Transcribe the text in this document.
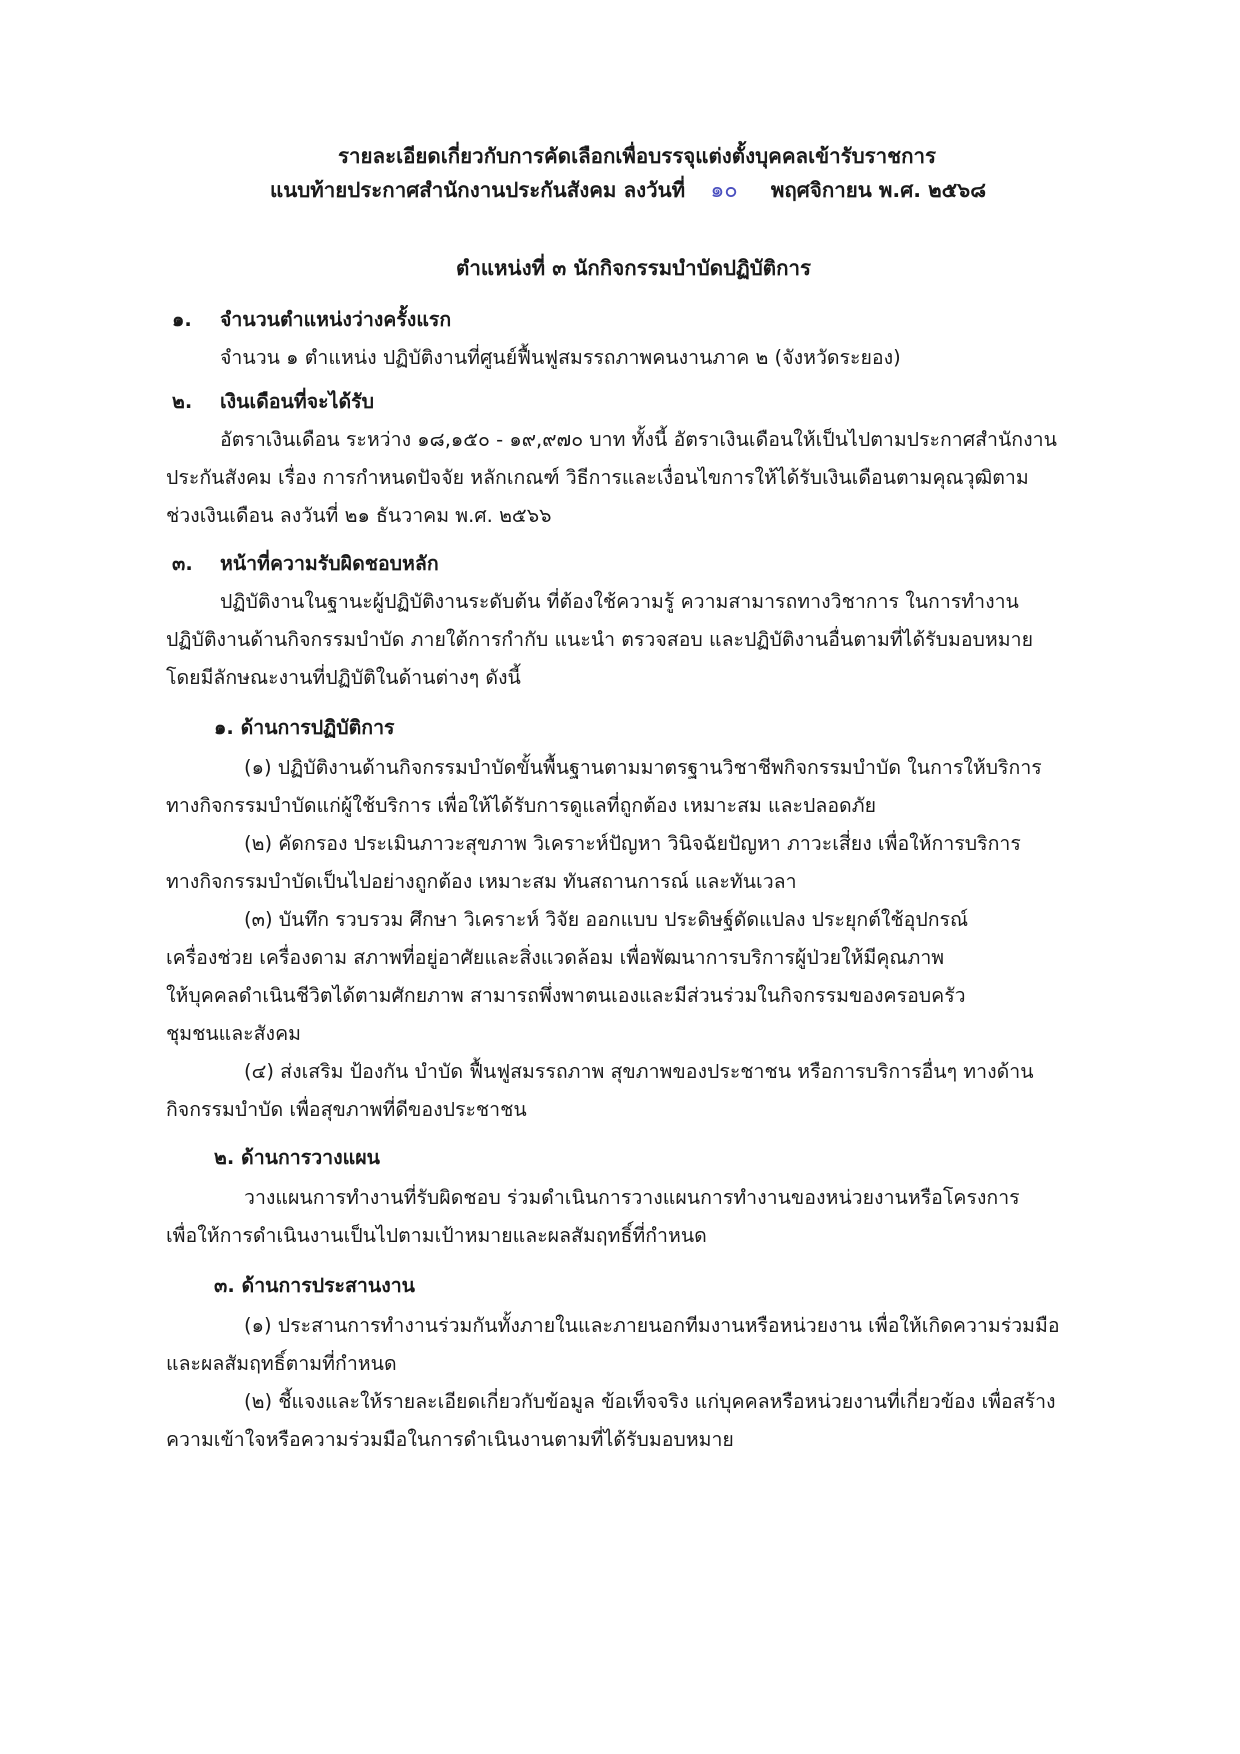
รายละเอียดเกี่ยวกับการคัดเลือกเพื่อบรรจุแต่งตั้งบุคคลเข้ารับราชการ
แนบท้ายประกาศสำนักงานประกันสังคม ลงวันที่ ๑๐ พฤศจิกายน พ.ศ. ๒๕๖๘
ตำแหน่งที่ ๓ นักกิจกรรมบำบัดปฏิบัติการ
๑. จำนวนตำแหน่งว่างครั้งแรก
จำนวน ๑ ตำแหน่ง ปฏิบัติงานที่ศูนย์ฟื้นฟูสมรรถภาพคนงานภาค ๒ (จังหวัดระยอง)
๒. เงินเดือนที่จะได้รับ
อัตราเงินเดือน ระหว่าง ๑๘,๑๕๐ - ๑๙,๙๗๐ บาท ทั้งนี้ อัตราเงินเดือนให้เป็นไปตามประกาศสำนักงาน
ประกันสังคม เรื่อง การกำหนดปัจจัย หลักเกณฑ์ วิธีการและเงื่อนไขการให้ได้รับเงินเดือนตามคุณวุฒิตาม
ช่วงเงินเดือน ลงวันที่ ๒๑ ธันวาคม พ.ศ. ๒๕๖๖
๓. หน้าที่ความรับผิดชอบหลัก
ปฏิบัติงานในฐานะผู้ปฏิบัติงานระดับต้น ที่ต้องใช้ความรู้ ความสามารถทางวิชาการ ในการทำงาน
ปฏิบัติงานด้านกิจกรรมบำบัด ภายใต้การกำกับ แนะนำ ตรวจสอบ และปฏิบัติงานอื่นตามที่ได้รับมอบหมาย
โดยมีลักษณะงานที่ปฏิบัติในด้านต่างๆ ดังนี้
๑. ด้านการปฏิบัติการ
(๑) ปฏิบัติงานด้านกิจกรรมบำบัดขั้นพื้นฐานตามมาตรฐานวิชาชีพกิจกรรมบำบัด ในการให้บริการ
ทางกิจกรรมบำบัดแก่ผู้ใช้บริการ เพื่อให้ได้รับการดูแลที่ถูกต้อง เหมาะสม และปลอดภัย
(๒) คัดกรอง ประเมินภาวะสุขภาพ วิเคราะห์ปัญหา วินิจฉัยปัญหา ภาวะเสี่ยง เพื่อให้การบริการ
ทางกิจกรรมบำบัดเป็นไปอย่างถูกต้อง เหมาะสม ทันสถานการณ์ และทันเวลา
(๓) บันทึก รวบรวม ศึกษา วิเคราะห์ วิจัย ออกแบบ ประดิษฐ์ดัดแปลง ประยุกต์ใช้อุปกรณ์
เครื่องช่วย เครื่องดาม สภาพที่อยู่อาศัยและสิ่งแวดล้อม เพื่อพัฒนาการบริการผู้ป่วยให้มีคุณภาพ
ให้บุคคลดำเนินชีวิตได้ตามศักยภาพ สามารถพึ่งพาตนเองและมีส่วนร่วมในกิจกรรมของครอบครัว
ชุมชนและสังคม
(๔) ส่งเสริม ป้องกัน บำบัด ฟื้นฟูสมรรถภาพ สุขภาพของประชาชน หรือการบริการอื่นๆ ทางด้าน
กิจกรรมบำบัด เพื่อสุขภาพที่ดีของประชาชน
๒. ด้านการวางแผน
วางแผนการทำงานที่รับผิดชอบ ร่วมดำเนินการวางแผนการทำงานของหน่วยงานหรือโครงการ
เพื่อให้การดำเนินงานเป็นไปตามเป้าหมายและผลสัมฤทธิ์ที่กำหนด
๓. ด้านการประสานงาน
(๑) ประสานการทำงานร่วมกันทั้งภายในและภายนอกทีมงานหรือหน่วยงาน เพื่อให้เกิดความร่วมมือ
และผลสัมฤทธิ์ตามที่กำหนด
(๒) ชี้แจงและให้รายละเอียดเกี่ยวกับข้อมูล ข้อเท็จจริง แก่บุคคลหรือหน่วยงานที่เกี่ยวข้อง เพื่อสร้าง
ความเข้าใจหรือความร่วมมือในการดำเนินงานตามที่ได้รับมอบหมาย
